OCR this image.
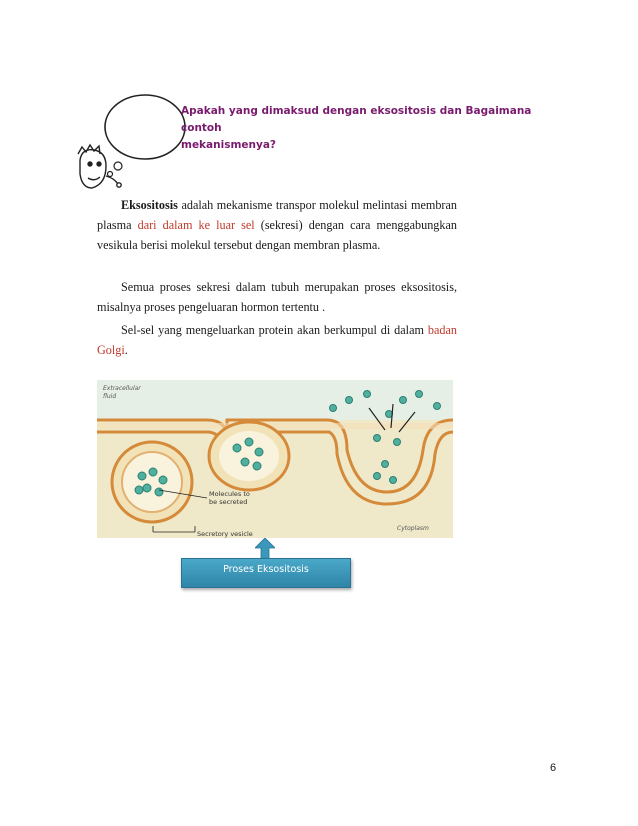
Apakah yang dimaksud dengan eksositosis dan Bagaimana contoh
mekanismenya?
Eksositosis adalah mekanisme transpor molekul melintasi membran plasma dari dalam ke luar sel (sekresi) dengan cara menggabungkan vesikula berisi molekul tersebut dengan membran plasma.
Semua proses sekresi dalam tubuh merupakan proses eksositosis, misalnya proses pengeluaran hormon tertentu .
Sel-sel yang mengeluarkan protein akan berkumpul di dalam badan Golgi.
Extracellular
fluid
Molecules to
be secreted
Secretory vesicle
Cytoplasm
Proses Eksositosis
6
